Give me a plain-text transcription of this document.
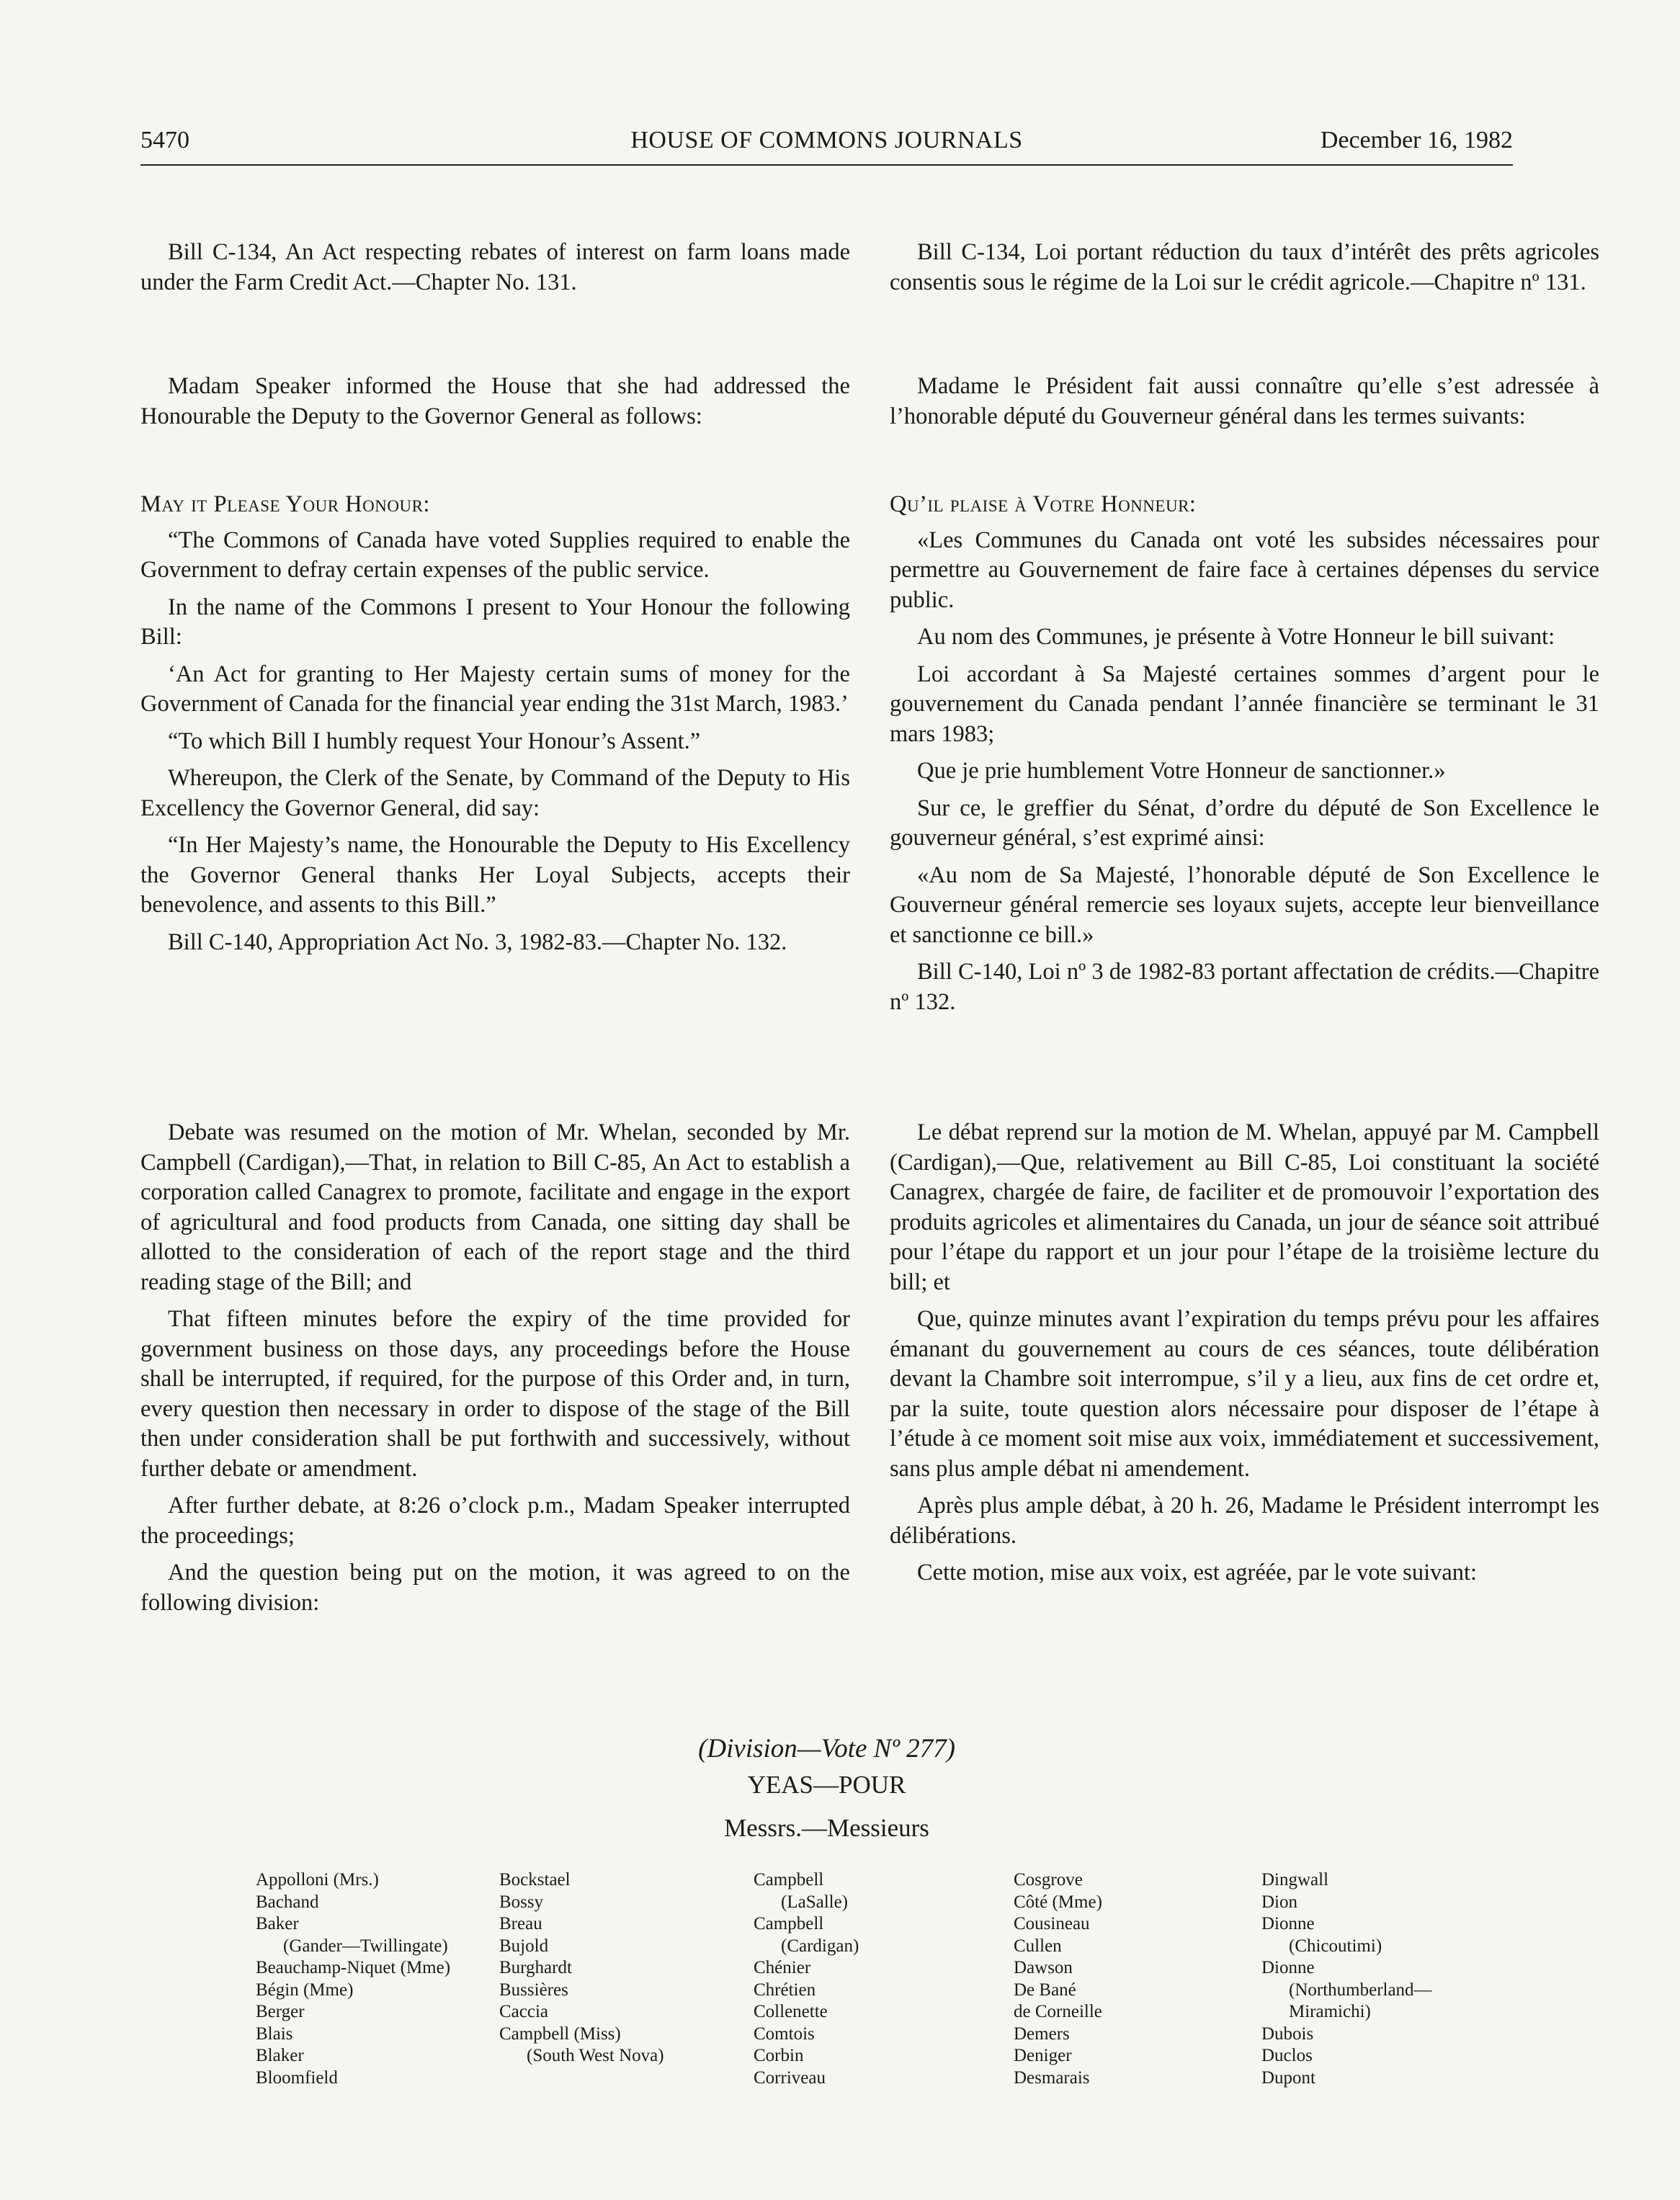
5470	HOUSE OF COMMONS JOURNALS	December 16, 1982

Bill C-134, An Act respecting rebates of interest on farm loans made under the Farm Credit Act.—Chapter No. 131.

Madam Speaker informed the House that she had addressed the Honourable the Deputy to the Governor General as follows:

May it Please Your Honour:

“The Commons of Canada have voted Supplies required to enable the Government to defray certain expenses of the public service.

In the name of the Commons I present to Your Honour the following Bill:

‘An Act for granting to Her Majesty certain sums of money for the Government of Canada for the financial year ending the 31st March, 1983.’

“To which Bill I humbly request Your Honour’s Assent.”

Whereupon, the Clerk of the Senate, by Command of the Deputy to His Excellency the Governor General, did say:

“In Her Majesty’s name, the Honourable the Deputy to His Excellency the Governor General thanks Her Loyal Subjects, accepts their benevolence, and assents to this Bill.”

Bill C-140, Appropriation Act No. 3, 1982-83.—Chapter No. 132.

Debate was resumed on the motion of Mr. Whelan, seconded by Mr. Campbell (Cardigan),—That, in relation to Bill C-85, An Act to establish a corporation called Canagrex to promote, facilitate and engage in the export of agricultural and food products from Canada, one sitting day shall be allotted to the consideration of each of the report stage and the third reading stage of the Bill; and

That fifteen minutes before the expiry of the time provided for government business on those days, any proceedings before the House shall be interrupted, if required, for the purpose of this Order and, in turn, every question then necessary in order to dispose of the stage of the Bill then under consideration shall be put forthwith and successively, without further debate or amendment.

After further debate, at 8:26 o’clock p.m., Madam Speaker interrupted the proceedings;

And the question being put on the motion, it was agreed to on the following division:

Bill C-134, Loi portant réduction du taux d’intérêt des prêts agricoles consentis sous le régime de la Loi sur le crédit agricole.—Chapitre nº 131.

Madame le Président fait aussi connaître qu’elle s’est adressée à l’honorable député du Gouverneur général dans les termes suivants:

Qu’il plaise à Votre Honneur:

«Les Communes du Canada ont voté les subsides nécessaires pour permettre au Gouvernement de faire face à certaines dépenses du service public.

Au nom des Communes, je présente à Votre Honneur le bill suivant:

Loi accordant à Sa Majesté certaines sommes d’argent pour le gouvernement du Canada pendant l’année financière se terminant le 31 mars 1983;

Que je prie humblement Votre Honneur de sanctionner.»

Sur ce, le greffier du Sénat, d’ordre du député de Son Excellence le gouverneur général, s’est exprimé ainsi:

«Au nom de Sa Majesté, l’honorable député de Son Excellence le Gouverneur général remercie ses loyaux sujets, accepte leur bienveillance et sanctionne ce bill.»

Bill C-140, Loi nº 3 de 1982-83 portant affectation de crédits.—Chapitre nº 132.

Le débat reprend sur la motion de M. Whelan, appuyé par M. Campbell (Cardigan),—Que, relativement au Bill C-85, Loi constituant la société Canagrex, chargée de faire, de faciliter et de promouvoir l’exportation des produits agricoles et alimentaires du Canada, un jour de séance soit attribué pour l’étape du rapport et un jour pour l’étape de la troisième lecture du bill; et

Que, quinze minutes avant l’expiration du temps prévu pour les affaires émanant du gouvernement au cours de ces séances, toute délibération devant la Chambre soit interrompue, s’il y a lieu, aux fins de cet ordre et, par la suite, toute question alors nécessaire pour disposer de l’étape à l’étude à ce moment soit mise aux voix, immédiatement et successivement, sans plus ample débat ni amendement.

Après plus ample débat, à 20 h. 26, Madame le Président interrompt les délibérations.

Cette motion, mise aux voix, est agréée, par le vote suivant:

(Division—Vote Nº 277)
YEAS—POUR
Messrs.—Messieurs
Appolloni (Mrs.)
Bachand
Baker
(Gander—Twillingate)
Beauchamp-Niquet (Mme)
Bégin (Mme)
Berger
Blais
Blaker
Bloomfield
Bockstael
Bossy
Breau
Bujold
Burghardt
Bussières
Caccia
Campbell (Miss)
(South West Nova)
Campbell
(LaSalle)
Campbell
(Cardigan)
Chénier
Chrétien
Collenette
Comtois
Corbin
Corriveau
Cosgrove
Côté (Mme)
Cousineau
Cullen
Dawson
De Bané
de Corneille
Demers
Deniger
Desmarais
Dingwall
Dion
Dionne
(Chicoutimi)
Dionne
(Northumberland—
Miramichi)
Dubois
Duclos
Dupont
